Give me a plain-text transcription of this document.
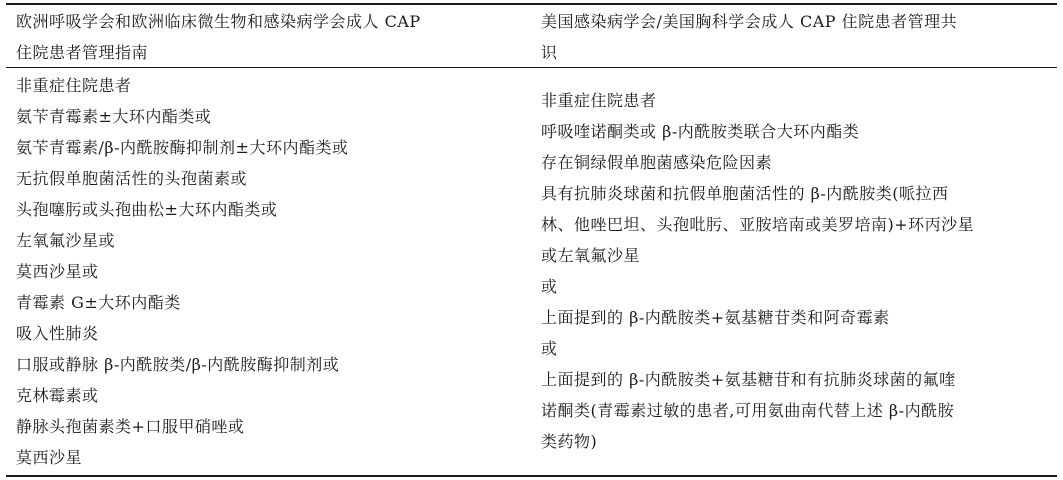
欧洲呼吸学会和欧洲临床微生物和感染病学会成人 CAP
住院患者管理指南
美国感染病学会/美国胸科学会成人 CAP 住院患者管理共
识
非重症住院患者
氨苄青霉素±大环内酯类或
氨苄青霉素/β-内酰胺酶抑制剂±大环内酯类或
无抗假单胞菌活性的头孢菌素或
头孢噻肟或头孢曲松±大环内酯类或
左氧氟沙星或
莫西沙星或
青霉素 G±大环内酯类
吸入性肺炎
口服或静脉 β-内酰胺类/β-内酰胺酶抑制剂或
克林霉素或
静脉头孢菌素类+口服甲硝唑或
莫西沙星
非重症住院患者
呼吸喹诺酮类或 β-内酰胺类联合大环内酯类
存在铜绿假单胞菌感染危险因素
具有抗肺炎球菌和抗假单胞菌活性的 β-内酰胺类(哌拉西
林、他唑巴坦、头孢吡肟、亚胺培南或美罗培南)+环丙沙星
或左氧氟沙星
或
上面提到的 β-内酰胺类+氨基糖苷类和阿奇霉素
或
上面提到的 β-内酰胺类+氨基糖苷和有抗肺炎球菌的氟喹
诺酮类(青霉素过敏的患者,可用氨曲南代替上述 β-内酰胺
类药物)
